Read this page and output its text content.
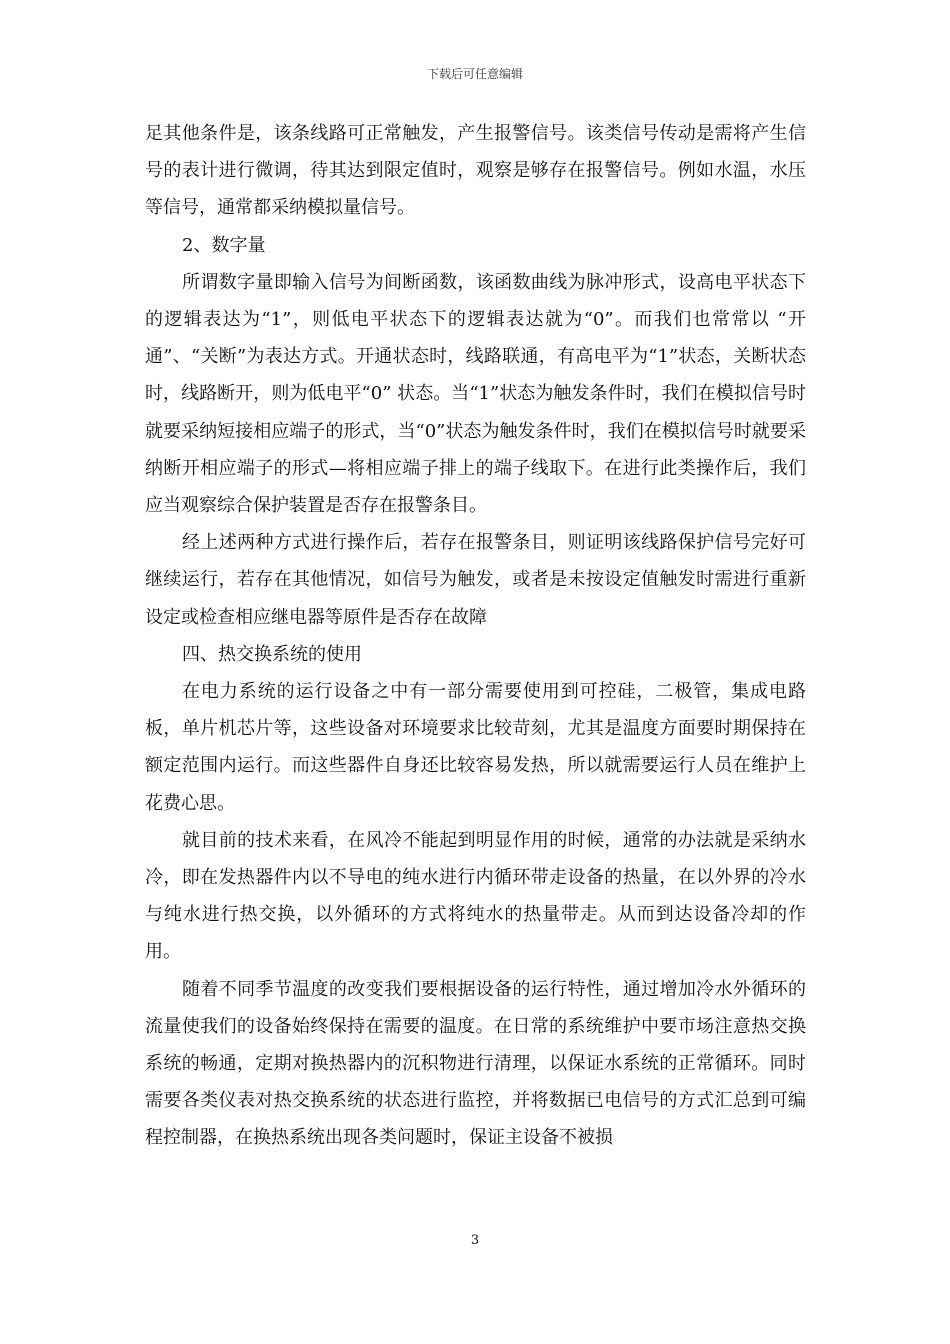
下载后可任意编辑

足其他条件是，该条线路可正常触发，产生报警信号。该类信号传动是需将产生信号的表计进行微调，待其达到限定值时，观察是够存在报警信号。例如水温，水压等信号，通常都采纳模拟量信号。

2、数字量

所谓数字量即输入信号为间断函数，该函数曲线为脉冲形式，设高电平状态下的逻辑表达为“1”，则低电平状态下的逻辑表达就为“0”。而我们也常常以 “开通”、“关断”为表达方式。开通状态时，线路联通，有高电平为“1”状态，关断状态时，线路断开，则为低电平“0” 状态。当“1”状态为触发条件时，我们在模拟信号时就要采纳短接相应端子的形式，当“0”状态为触发条件时，我们在模拟信号时就要采纳断开相应端子的形式—将相应端子排上的端子线取下。在进行此类操作后，我们应当观察综合保护装置是否存在报警条目。

经上述两种方式进行操作后，若存在报警条目，则证明该线路保护信号完好可继续运行，若存在其他情况，如信号为触发，或者是未按设定值触发时需进行重新设定或检查相应继电器等原件是否存在故障

四、热交换系统的使用

在电力系统的运行设备之中有一部分需要使用到可控硅，二极管，集成电路板，单片机芯片等，这些设备对环境要求比较苛刻，尤其是温度方面要时期保持在额定范围内运行。而这些器件自身还比较容易发热，所以就需要运行人员在维护上花费心思。

就目前的技术来看，在风冷不能起到明显作用的时候，通常的办法就是采纳水冷，即在发热器件内以不导电的纯水进行内循环带走设备的热量，在以外界的冷水与纯水进行热交换，以外循环的方式将纯水的热量带走。从而到达设备冷却的作用。

随着不同季节温度的改变我们要根据设备的运行特性，通过增加冷水外循环的流量使我们的设备始终保持在需要的温度。在日常的系统维护中要市场注意热交换系统的畅通，定期对换热器内的沉积物进行清理，以保证水系统的正常循环。同时需要各类仪表对热交换系统的状态进行监控，并将数据已电信号的方式汇总到可编程控制器，在换热系统出现各类问题时，保证主设备不被损

3
